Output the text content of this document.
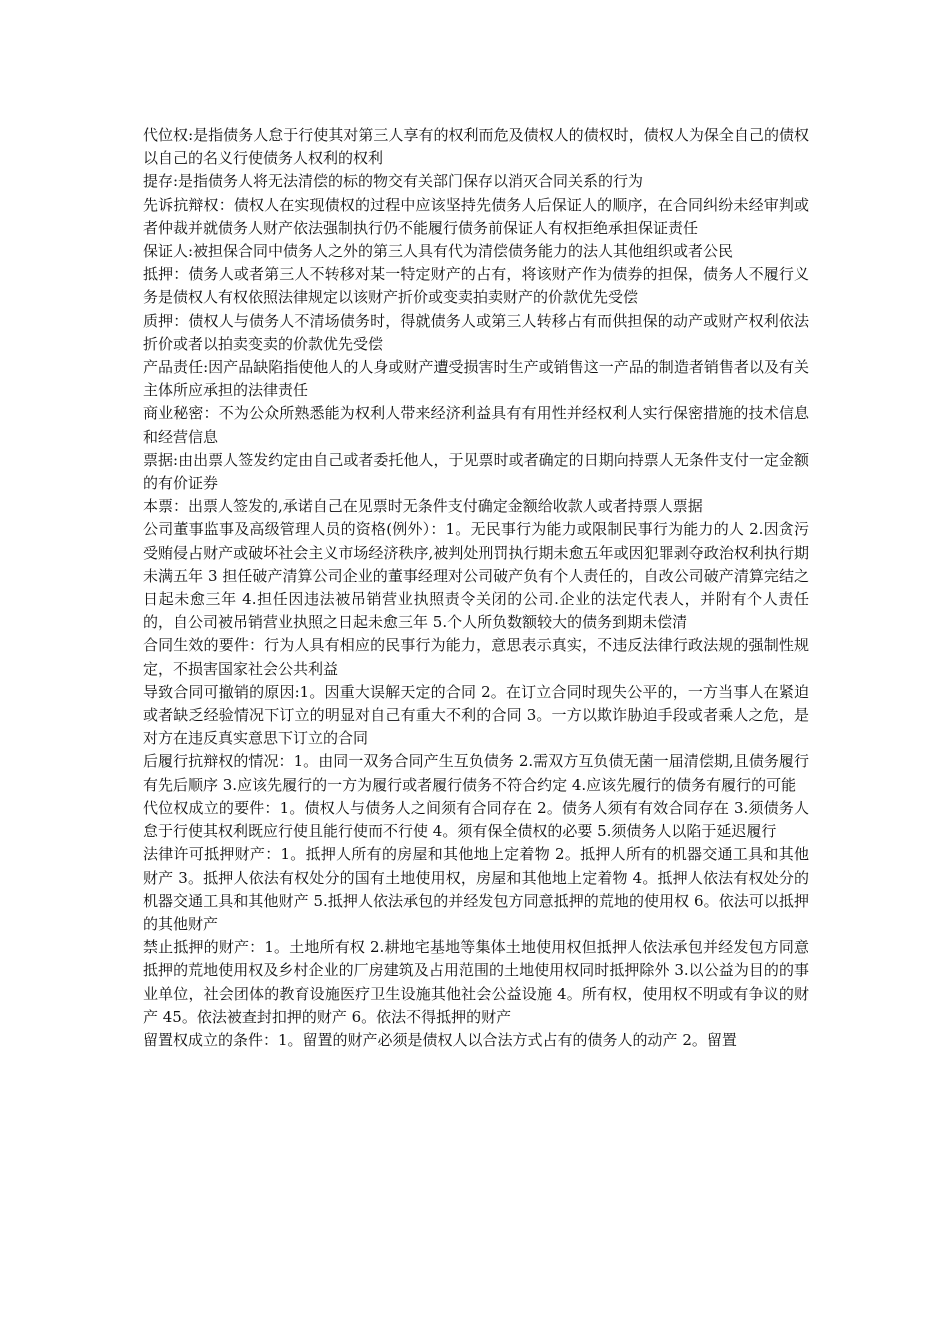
代位权:是指债务人怠于行使其对第三人享有的权利而危及债权人的债权时，债权人为保全自己的债权以自己的名义行使债务人权利的权利

提存:是指债务人将无法清偿的标的物交有关部门保存以消灭合同关系的行为

先诉抗辩权：债权人在实现债权的过程中应该坚持先债务人后保证人的顺序，在合同纠纷未经审判或者仲裁并就债务人财产依法强制执行仍不能履行债务前保证人有权拒绝承担保证责任

保证人:被担保合同中债务人之外的第三人具有代为清偿债务能力的法人其他组织或者公民

抵押：债务人或者第三人不转移对某一特定财产的占有，将该财产作为债券的担保，债务人不履行义务是债权人有权依照法律规定以该财产折价或变卖拍卖财产的价款优先受偿

质押：债权人与债务人不清场债务时，得就债务人或第三人转移占有而供担保的动产或财产权利依法折价或者以拍卖变卖的价款优先受偿

产品责任:因产品缺陷指使他人的人身或财产遭受损害时生产或销售这一产品的制造者销售者以及有关主体所应承担的法律责任

商业秘密：不为公众所熟悉能为权利人带来经济利益具有有用性并经权利人实行保密措施的技术信息和经营信息

票据:由出票人签发约定由自己或者委托他人，于见票时或者确定的日期向持票人无条件支付一定金额的有价证券

本票：出票人签发的,承诺自己在见票时无条件支付确定金额给收款人或者持票人票据

公司董事监事及高级管理人员的资格(例外）：1。无民事行为能力或限制民事行为能力的人 2.因贪污受贿侵占财产或破坏社会主义市场经济秩序,被判处刑罚执行期未愈五年或因犯罪剥夺政治权利执行期未满五年 3 担任破产清算公司企业的董事经理对公司破产负有个人责任的，自改公司破产清算完结之日起未愈三年 4.担任因违法被吊销营业执照责令关闭的公司.企业的法定代表人，并附有个人责任的，自公司被吊销营业执照之日起未愈三年 5.个人所负数额较大的债务到期未偿清

合同生效的要件：行为人具有相应的民事行为能力，意思表示真实，不违反法律行政法规的强制性规定，不损害国家社会公共利益

导致合同可撤销的原因:1。因重大误解天定的合同 2。在订立合同时现失公平的，一方当事人在紧迫或者缺乏经验情况下订立的明显对自己有重大不利的合同 3。一方以欺诈胁迫手段或者乘人之危，是对方在违反真实意思下订立的合同

后履行抗辩权的情况：1。由同一双务合同产生互负债务 2.需双方互负债无菌一届清偿期,且债务履行有先后顺序 3.应该先履行的一方为履行或者履行债务不符合约定 4.应该先履行的债务有履行的可能

代位权成立的要件：1。债权人与债务人之间须有合同存在 2。债务人须有有效合同存在 3.须债务人怠于行使其权利既应行使且能行使而不行使 4。须有保全债权的必要 5.须债务人以陷于延迟履行

法律许可抵押财产：1。抵押人所有的房屋和其他地上定着物 2。抵押人所有的机器交通工具和其他财产 3。抵押人依法有权处分的国有土地使用权，房屋和其他地上定着物 4。抵押人依法有权处分的机器交通工具和其他财产 5.抵押人依法承包的并经发包方同意抵押的荒地的使用权 6。依法可以抵押的其他财产

禁止抵押的财产：1。土地所有权 2.耕地宅基地等集体土地使用权但抵押人依法承包并经发包方同意抵押的荒地使用权及乡村企业的厂房建筑及占用范围的土地使用权同时抵押除外 3.以公益为目的的事业单位，社会团体的教育设施医疗卫生设施其他社会公益设施 4。所有权，使用权不明或有争议的财产 45。依法被查封扣押的财产 6。依法不得抵押的财产

留置权成立的条件：1。留置的财产必须是债权人以合法方式占有的债务人的动产 2。留置
